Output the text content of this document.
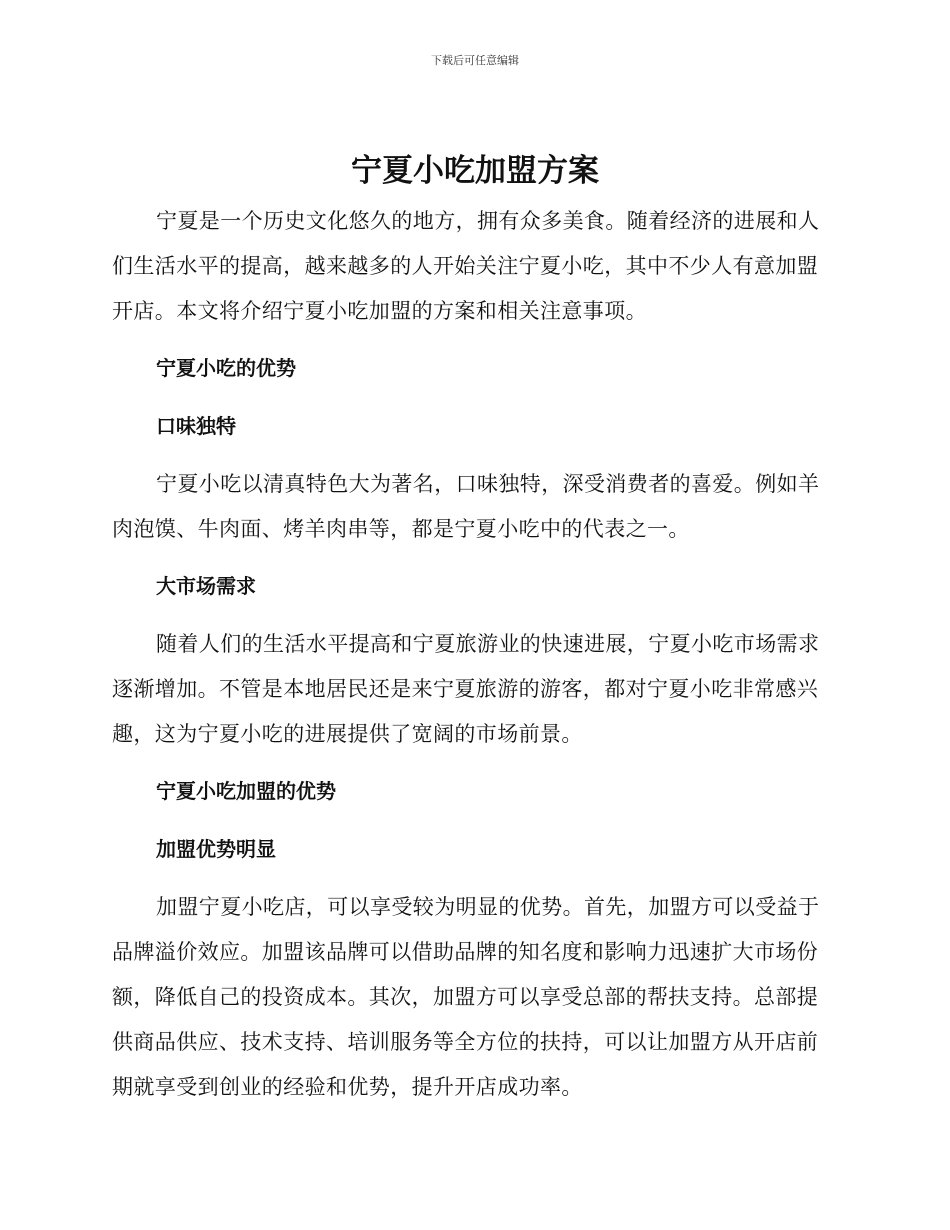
下载后可任意编辑
宁夏小吃加盟方案

宁夏是一个历史文化悠久的地方，拥有众多美食。随着经济的进展和人们生活水平的提高，越来越多的人开始关注宁夏小吃，其中不少人有意加盟开店。本文将介绍宁夏小吃加盟的方案和相关注意事项。

宁夏小吃的优势

口味独特

宁夏小吃以清真特色大为著名，口味独特，深受消费者的喜爱。例如羊肉泡馍、牛肉面、烤羊肉串等，都是宁夏小吃中的代表之一。

大市场需求

随着人们的生活水平提高和宁夏旅游业的快速进展，宁夏小吃市场需求逐渐增加。不管是本地居民还是来宁夏旅游的游客，都对宁夏小吃非常感兴趣，这为宁夏小吃的进展提供了宽阔的市场前景。

宁夏小吃加盟的优势

加盟优势明显

加盟宁夏小吃店，可以享受较为明显的优势。首先，加盟方可以受益于品牌溢价效应。加盟该品牌可以借助品牌的知名度和影响力迅速扩大市场份额，降低自己的投资成本。其次，加盟方可以享受总部的帮扶支持。总部提供商品供应、技术支持、培训服务等全方位的扶持，可以让加盟方从开店前期就享受到创业的经验和优势，提升开店成功率。
